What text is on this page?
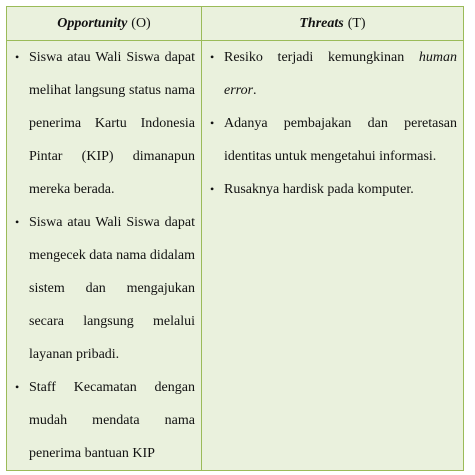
Opportunity (O)	Threats (T)
• Siswa atau Wali Siswa dapat melihat langsung status nama penerima Kartu Indonesia Pintar (KIP) dimanapun mereka berada.
• Siswa atau Wali Siswa dapat mengecek data nama didalam sistem dan mengajukan secara langsung melalui layanan pribadi.
• Staff Kecamatan dengan mudah mendata nama penerima bantuan KIP
• Resiko terjadi kemungkinan human error.
• Adanya pembajakan dan peretasan identitas untuk mengetahui informasi.
• Rusaknya hardisk pada komputer.
